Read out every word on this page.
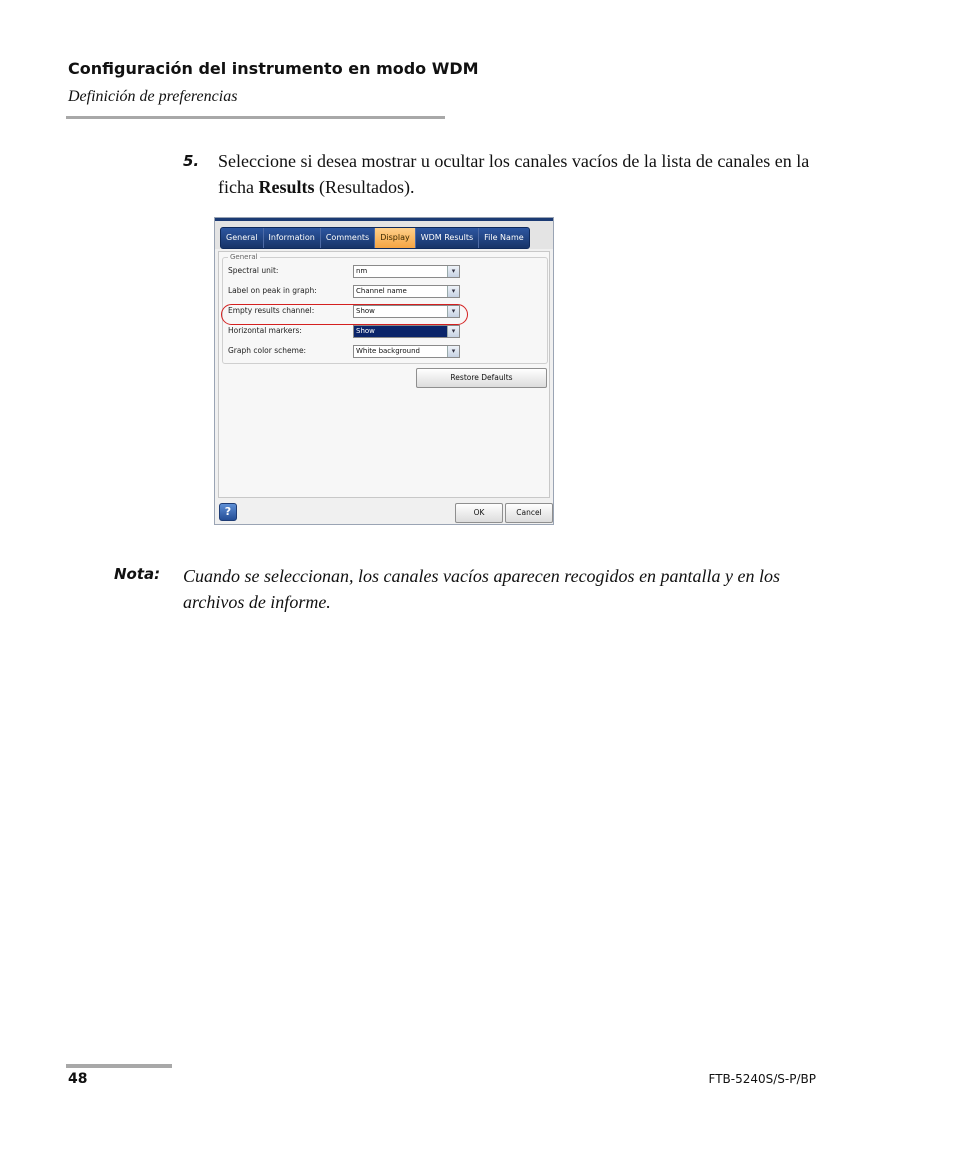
Configuración del instrumento en modo WDM
Definición de preferencias
5. Seleccione si desea mostrar u ocultar los canales vacíos de la lista de canales en la ficha Results (Resultados).
General	Information	Comments	Display	WDM Results	File Name
General
Spectral unit:	nm	▾
Label on peak in graph:	Channel name	▾
Empty results channel:	Show	▾
Horizontal markers:	Show	▾
Graph color scheme:	White background	▾
Restore Defaults
?	OK	Cancel
Nota: Cuando se seleccionan, los canales vacíos aparecen recogidos en pantalla y en los archivos de informe.
48	FTB-5240S/S-P/BP
